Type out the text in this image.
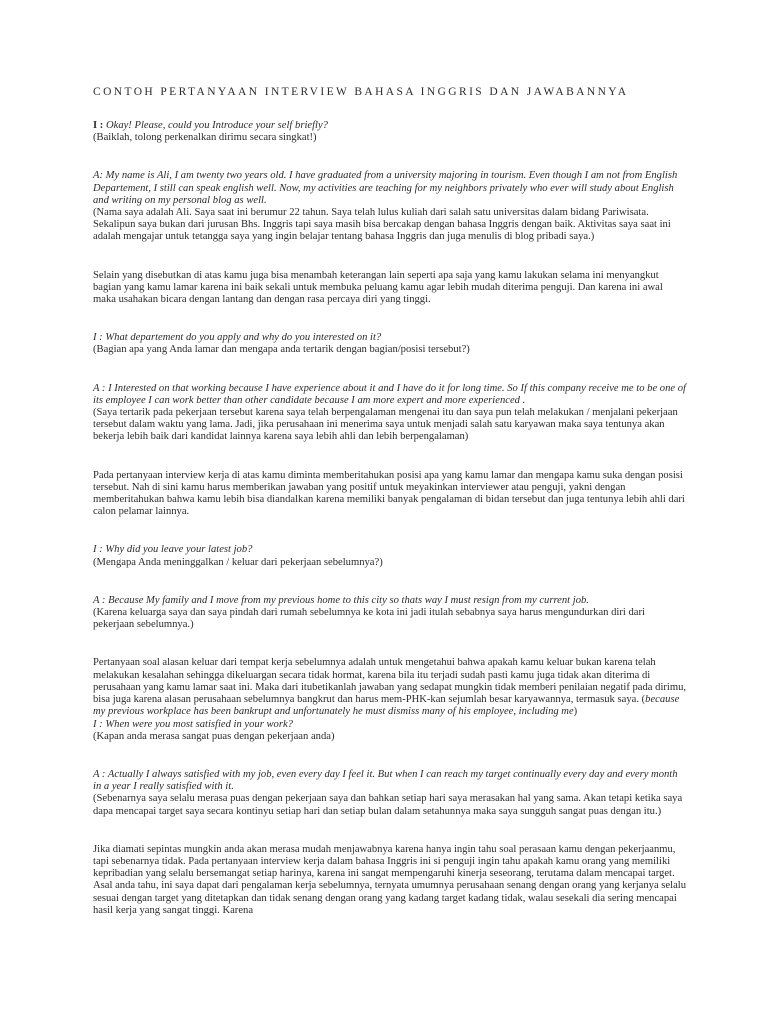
CONTOH PERTANYAAN INTERVIEW BAHASA INGGRIS DAN JAWABANNYA

I : Okay! Please, could you Introduce your self briefly?

(Baiklah, tolong perkenalkan dirimu secara singkat!)

A: My name is Ali, I am twenty two years old. I have graduated from a university majoring in tourism. Even though I am not from English Departement, I still can speak english well. Now, my activities are teaching for my neighbors privately who ever will study about English and writing on my personal blog as well.

(Nama saya adalah Ali. Saya saat ini berumur 22 tahun. Saya telah lulus kuliah dari salah satu universitas dalam bidang Pariwisata. Sekalipun saya bukan dari jurusan Bhs. Inggris tapi saya masih bisa bercakap dengan bahasa Inggris dengan baik. Aktivitas saya saat ini adalah mengajar untuk tetangga saya yang ingin belajar tentang bahasa Inggris dan juga menulis di blog pribadi saya.)

Selain yang disebutkan di atas kamu juga bisa menambah keterangan lain seperti apa saja yang kamu lakukan selama ini menyangkut bagian yang kamu lamar karena ini baik sekali untuk membuka peluang kamu agar lebih mudah diterima penguji. Dan karena ini awal maka usahakan bicara dengan lantang dan dengan rasa percaya diri yang tinggi.

I : What departement do you apply and why do you interested on it?

(Bagian apa yang Anda lamar dan mengapa anda tertarik dengan bagian/posisi tersebut?)

A : I Interested on that working because I have experience about it and I have do it for long time. So If this company receive me to be one of its employee I can work better than other candidate because I am more expert and more experienced .

(Saya tertarik pada pekerjaan tersebut karena saya telah berpengalaman mengenai itu dan saya pun telah melakukan / menjalani pekerjaan tersebut dalam waktu yang lama. Jadi, jika perusahaan ini menerima saya untuk menjadi salah satu karyawan maka saya tentunya akan bekerja lebih baik dari kandidat lainnya karena saya lebih ahli dan lebih berpengalaman)

Pada pertanyaan interview kerja di atas kamu diminta memberitahukan posisi apa yang kamu lamar dan mengapa kamu suka dengan posisi tersebut. Nah di sini kamu harus memberikan jawaban yang positif untuk meyakinkan interviewer atau penguji, yakni dengan memberitahukan bahwa kamu lebih bisa diandalkan karena memiliki banyak pengalaman di bidan tersebut dan juga tentunya lebih ahli dari calon pelamar lainnya.

I : Why did you leave your latest job?

(Mengapa Anda meninggalkan / keluar dari pekerjaan sebelumnya?)

A : Because My family and I move from my previous home to this city so thats way I must resign from my current job.

(Karena keluarga saya dan saya pindah dari rumah sebelumnya ke kota ini jadi itulah sebabnya saya harus mengundurkan diri dari pekerjaan sebelumnya.)

Pertanyaan soal alasan keluar dari tempat kerja sebelumnya adalah untuk mengetahui bahwa apakah kamu keluar bukan karena telah melakukan kesalahan sehingga dikeluargan secara tidak hormat, karena bila itu terjadi sudah pasti kamu juga tidak akan diterima di perusahaan yang kamu lamar saat ini. Maka dari itubetikanlah jawaban yang sedapat mungkin tidak memberi penilaian negatif pada dirimu, bisa juga karena alasan perusahaan sebelumnya bangkrut dan harus mem-PHK-kan sejumlah besar karyawannya, termasuk saya. (because my previous workplace has been bankrupt and unfortunately he must dismiss many of his employee, including me)

I : When were you most satisfied in your work?

(Kapan anda merasa sangat puas dengan pekerjaan anda)

A : Actually I always satisfied with my job, even every day I feel it. But when I can reach my target continually every day and every month in a year I really satisfied with it.

(Sebenarnya saya selalu merasa puas dengan pekerjaan saya dan bahkan setiap hari saya merasakan hal yang sama. Akan tetapi ketika saya dapa mencapai target saya secara kontinyu setiap hari dan setiap bulan dalam setahunnya maka saya sungguh sangat puas dengan itu.)

Jika diamati sepintas mungkin anda akan merasa mudah menjawabnya karena hanya ingin tahu soal perasaan kamu dengan pekerjaanmu, tapi sebenarnya tidak. Pada pertanyaan interview kerja dalam bahasa Inggris ini si penguji ingin tahu apakah kamu orang yang memiliki kepribadian yang selalu bersemangat setiap harinya, karena ini sangat mempengaruhi kinerja seseorang, terutama dalam mencapai target. Asal anda tahu, ini saya dapat dari pengalaman kerja sebelumnya, ternyata umumnya perusahaan senang dengan orang yang kerjanya selalu sesuai dengan target yang ditetapkan dan tidak senang dengan orang yang kadang target kadang tidak, walau sesekali dia sering mencapai hasil kerja yang sangat tinggi. Karena
